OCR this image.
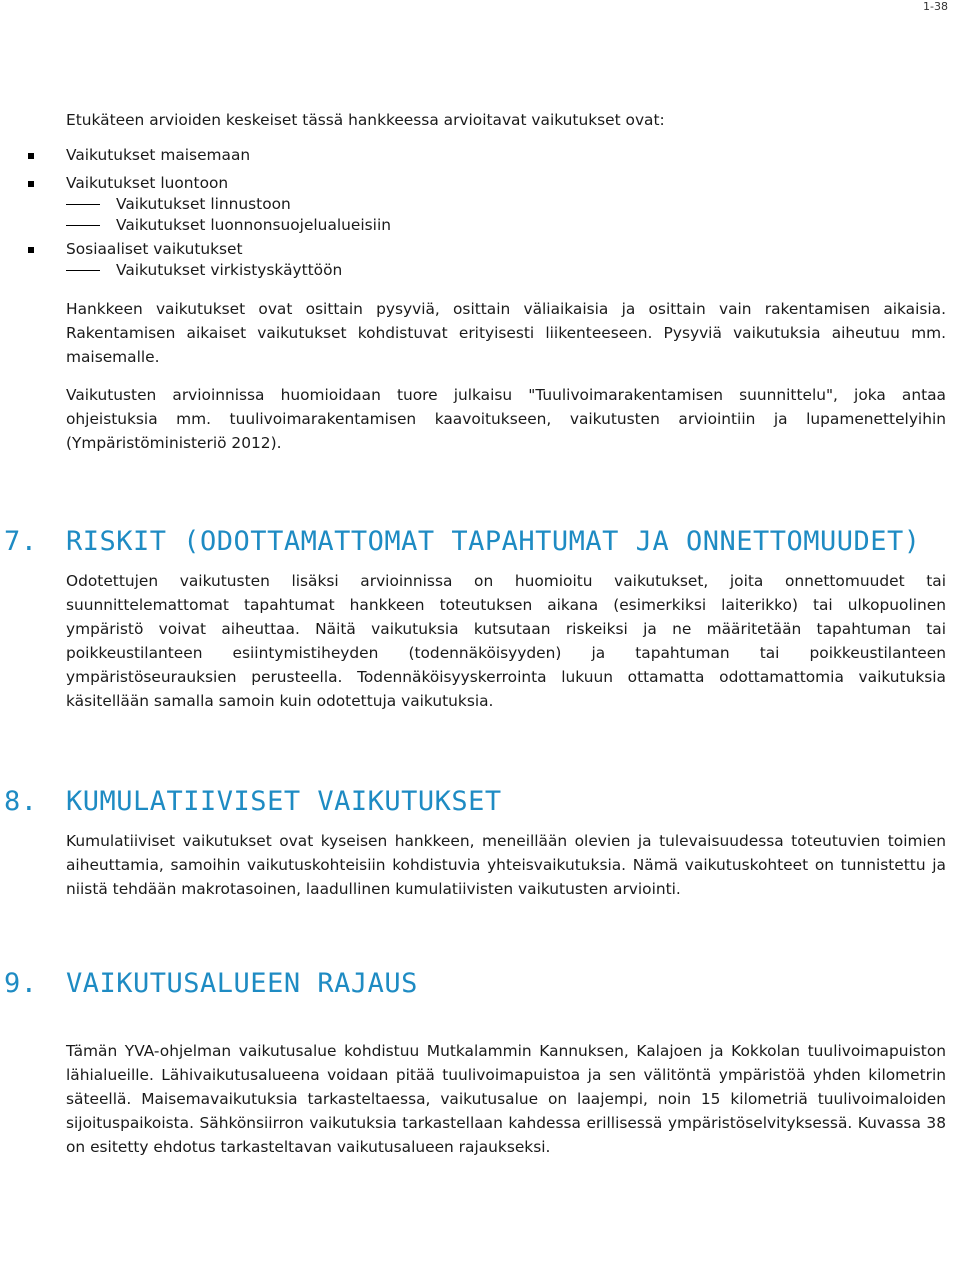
1-38

Etukäteen arvioiden keskeiset tässä hankkeessa arvioitavat vaikutukset ovat:

Vaikutukset maisemaan
Vaikutukset luontoon
Vaikutukset linnustoon
Vaikutukset luonnonsuojelualueisiin
Sosiaaliset vaikutukset
Vaikutukset virkistyskäyttöön

Hankkeen vaikutukset ovat osittain pysyviä, osittain väliaikaisia ja osittain vain rakentamisen aikaisia. Rakentamisen aikaiset vaikutukset kohdistuvat erityisesti liikenteeseen. Pysyviä vaikutuksia aiheutuu mm. maisemalle.

Vaikutusten arvioinnissa huomioidaan tuore julkaisu "Tuulivoimarakentamisen suunnittelu", joka antaa ohjeistuksia mm. tuulivoimarakentamisen kaavoitukseen, vaikutusten arviointiin ja lupamenettelyihin (Ympäristöministeriö 2012).

7. RISKIT (ODOTTAMATTOMAT TAPAHTUMAT JA ONNETTOMUUDET)

Odotettujen vaikutusten lisäksi arvioinnissa on huomioitu vaikutukset, joita onnettomuudet tai suunnittelemattomat tapahtumat hankkeen toteutuksen aikana (esimerkiksi laiterikko) tai ulkopuolinen ympäristö voivat aiheuttaa. Näitä vaikutuksia kutsutaan riskeiksi ja ne määritetään tapahtuman tai poikkeustilanteen esiintymistiheyden (todennäköisyyden) ja tapahtuman tai poikkeustilanteen ympäristöseurauksien perusteella. Todennäköisyyskerrointa lukuun ottamatta odottamattomia vaikutuksia käsitellään samalla samoin kuin odotettuja vaikutuksia.

8. KUMULATIIVISET VAIKUTUKSET

Kumulatiiviset vaikutukset ovat kyseisen hankkeen, meneillään olevien ja tulevaisuudessa toteutuvien toimien aiheuttamia, samoihin vaikutuskohteisiin kohdistuvia yhteisvaikutuksia. Nämä vaikutuskohteet on tunnistettu ja niistä tehdään makrotasoinen, laadullinen kumulatiivisten vaikutusten arviointi.

9. VAIKUTUSALUEEN RAJAUS

Tämän YVA-ohjelman vaikutusalue kohdistuu Mutkalammin Kannuksen, Kalajoen ja Kokkolan tuulivoimapuiston lähialueille. Lähivaikutusalueena voidaan pitää tuulivoimapuistoa ja sen välitöntä ympäristöä yhden kilometrin säteellä. Maisemavaikutuksia tarkasteltaessa, vaikutusalue on laajempi, noin 15 kilometriä tuulivoimaloiden sijoituspaikoista. Sähkönsiirron vaikutuksia tarkastellaan kahdessa erillisessä ympäristöselvityksessä. Kuvassa 38 on esitetty ehdotus tarkasteltavan vaikutusalueen rajaukseksi.
